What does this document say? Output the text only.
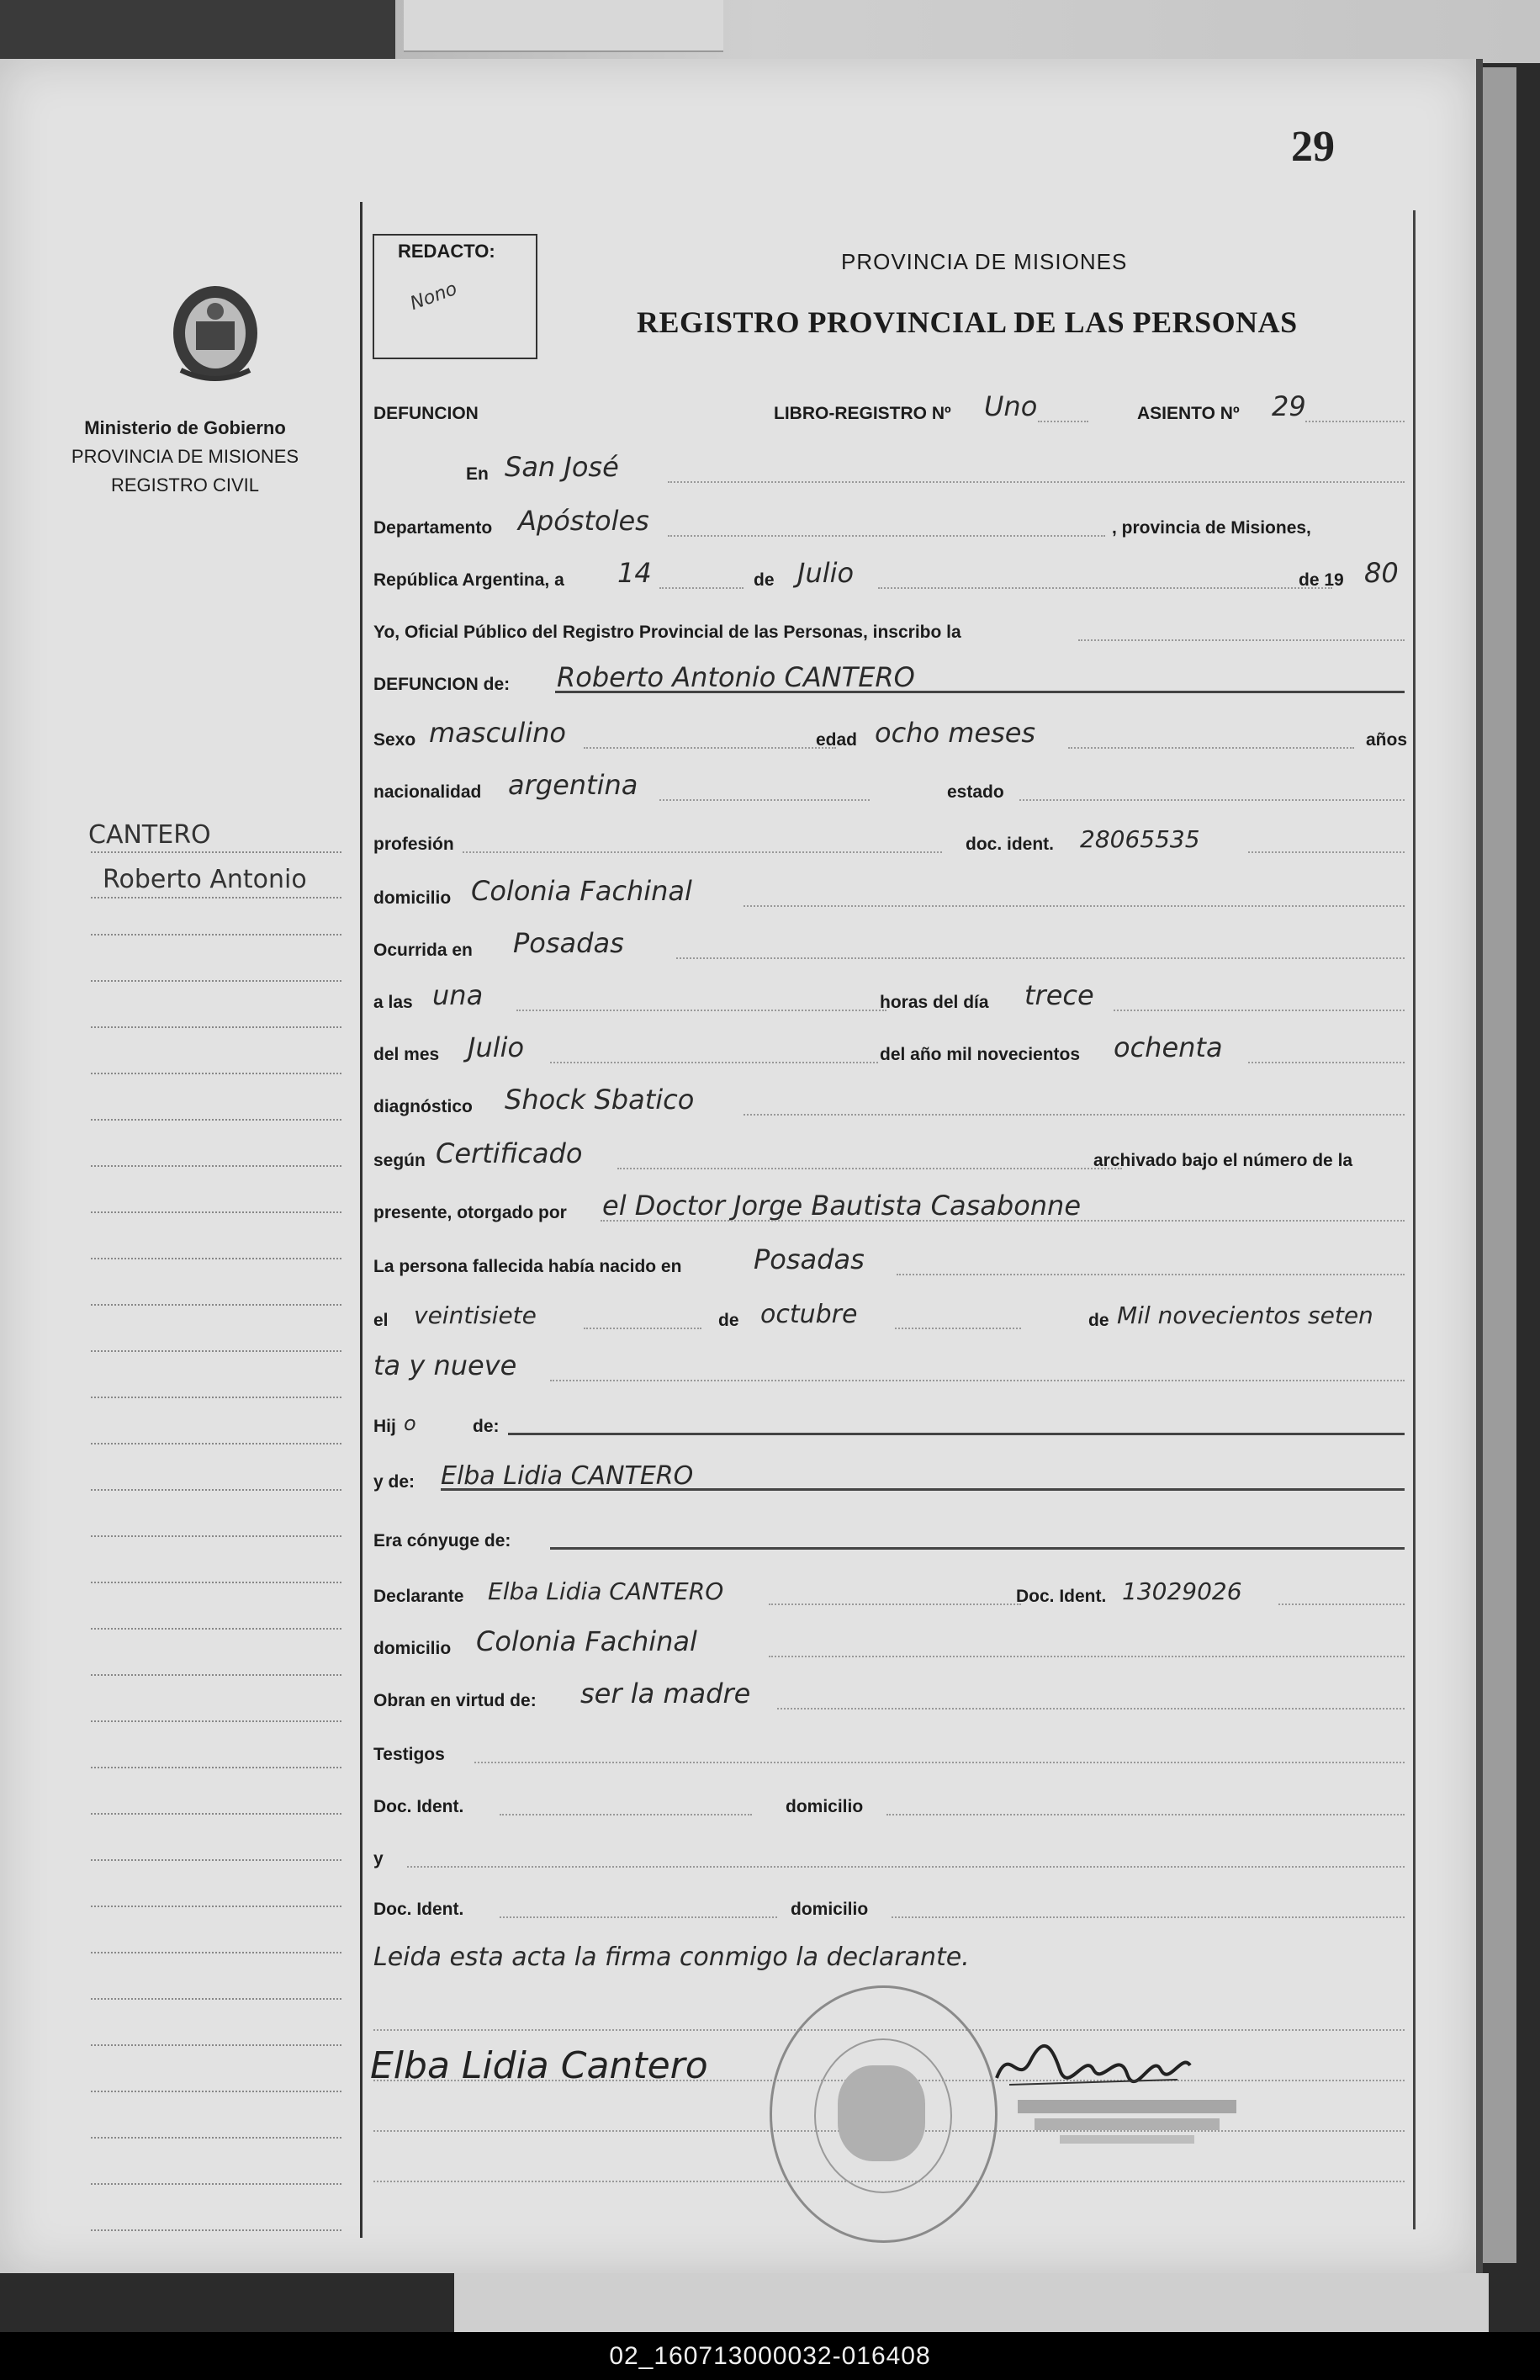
29
REDACTO:
Nono
PROVINCIA DE MISIONES
REGISTRO PROVINCIAL DE LAS PERSONAS
Ministerio de Gobierno
PROVINCIA DE MISIONES
REGISTRO CIVIL
CANTERO
Roberto Antonio
DEFUNCION	LIBRO-REGISTRO Nº Uno	ASIENTO Nº 29
En San José
Departamento Apóstoles	, provincia de Misiones,
República Argentina, a 14	de Julio	de 19 80
Yo, Oficial Público del Registro Provincial de las Personas, inscribo la
DEFUNCION de: Roberto Antonio CANTERO
Sexo masculino	edad ocho meses	años
nacionalidad argentina	estado
profesión	doc. ident. 28065535
domicilio Colonia Fachinal
Ocurrida en Posadas
a las una	horas del día trece
del mes Julio	del año mil novecientos ochenta
diagnóstico Shock Sbatico
según Certificado	archivado bajo el número de la
presente, otorgado por el Doctor Jorge Bautista Casabonne
La persona fallecida había nacido en	Posadas
el veintisiete	de octubre	de Mil novecientos seten
ta y nueve
Hij o	de:
y de: Elba Lidia CANTERO
Era cónyuge de:
Declarante Elba Lidia CANTERO	Doc. Ident. 13029026
domicilio Colonia Fachinal
Obran en virtud de: ser la madre
Testigos
Doc. Ident.	domicilio
y
Doc. Ident.	domicilio
Leida esta acta la firma conmigo la declarante.
Elba Lidia Cantero
02_160713000032-016408
